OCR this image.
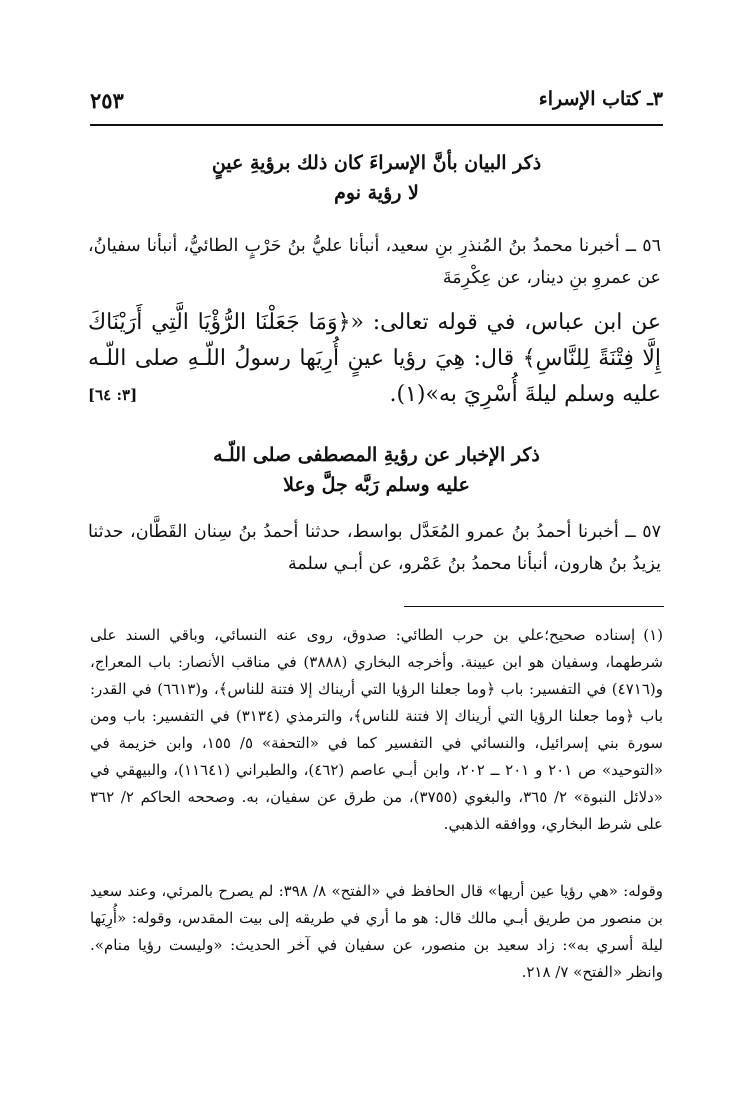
٣ـ كتاب الإسراء
٢٥٣
ذكر البيان بأنَّ الإسراءَ كان ذلك برؤيةِ عينٍ
لا رؤية نوم
٥٦ ــ أخبرنا محمدُ بنُ المُنذرِ بنِ سعيد، أنبأنا عليُّ بنُ حَرْبٍ الطائيُّ، أنبأنا سفيانُ، عن عمروِ بنِ دينار، عن عِكْرِمَةَ
عن ابن عباس، في قوله تعالى: «﴿وَمَا جَعَلْنَا الرُّؤْيَا الَّتِي أَرَيْنَاكَ إِلَّا فِتْنَةً لِلنَّاسِ﴾ قال: هِيَ رؤيا عينٍ أُرِيَها رسولُ اللّـهِ صلى اللّـه عليه وسلم ليلةَ أُسْرِيَ به»(١).
[٣: ٦٤]
ذكر الإخبار عن رؤيةِ المصطفى صلى اللّـه
عليه وسلم رَبَّه جلَّ وعلا
٥٧ ــ أخبرنا أحمدُ بنُ عمرو المُعَدَّل بواسط، حدثنا أحمدُ بنُ سِنان القَطَّان، حدثنا يزيدُ بنُ هارون، أنبأنا محمدُ بنُ عَمْرو، عن أبـي سلمة
(١)إسناده صحيح؛علي بن حرب الطائي: صدوق، روى عنه النسائي، وباقي السند على شرطهما، وسفيان هو ابن عيينة. وأخرجه البخاري (٣٨٨٨) في مناقب الأنصار: باب المعراج، و(٤٧١٦) في التفسير: باب ﴿وما جعلنا الرؤيا التي أريناك إلا فتنة للناس﴾، و(٦٦١٣) في القدر: باب ﴿وما جعلنا الرؤيا التي أريناك إلا فتنة للناس﴾، والترمذي (٣١٣٤) في التفسير: باب ومن سورة بني إسرائيل، والنسائي في التفسير كما في «التحفة» ٥/ ١٥٥، وابن خزيمة في «التوحيد» ص ٢٠١ و ٢٠١ ــ ٢٠٢، وابن أبـي عاصم (٤٦٢)، والطبراني (١١٦٤١)، والبيهقي في «دلائل النبوة» ٢/ ٣٦٥، والبغوي (٣٧٥٥)، من طرق عن سفيان، به. وصححه الحاكم ٢/ ٣٦٢ على شرط البخاري، ووافقه الذهبي.
وقوله: «هي رؤيا عين أريها» قال الحافظ في «الفتح» ٨/ ٣٩٨: لم يصرح بالمرئي، وعند سعيد بن منصور من طريق أبـي مالك قال: هو ما أري في طريقه إلى بيت المقدس، وقوله: «أُرِيَها ليلة أسري به»: زاد سعيد بن منصور، عن سفيان في آخر الحديث: «وليست رؤيا منام». وانظر «الفتح» ٧/ ٢١٨.
